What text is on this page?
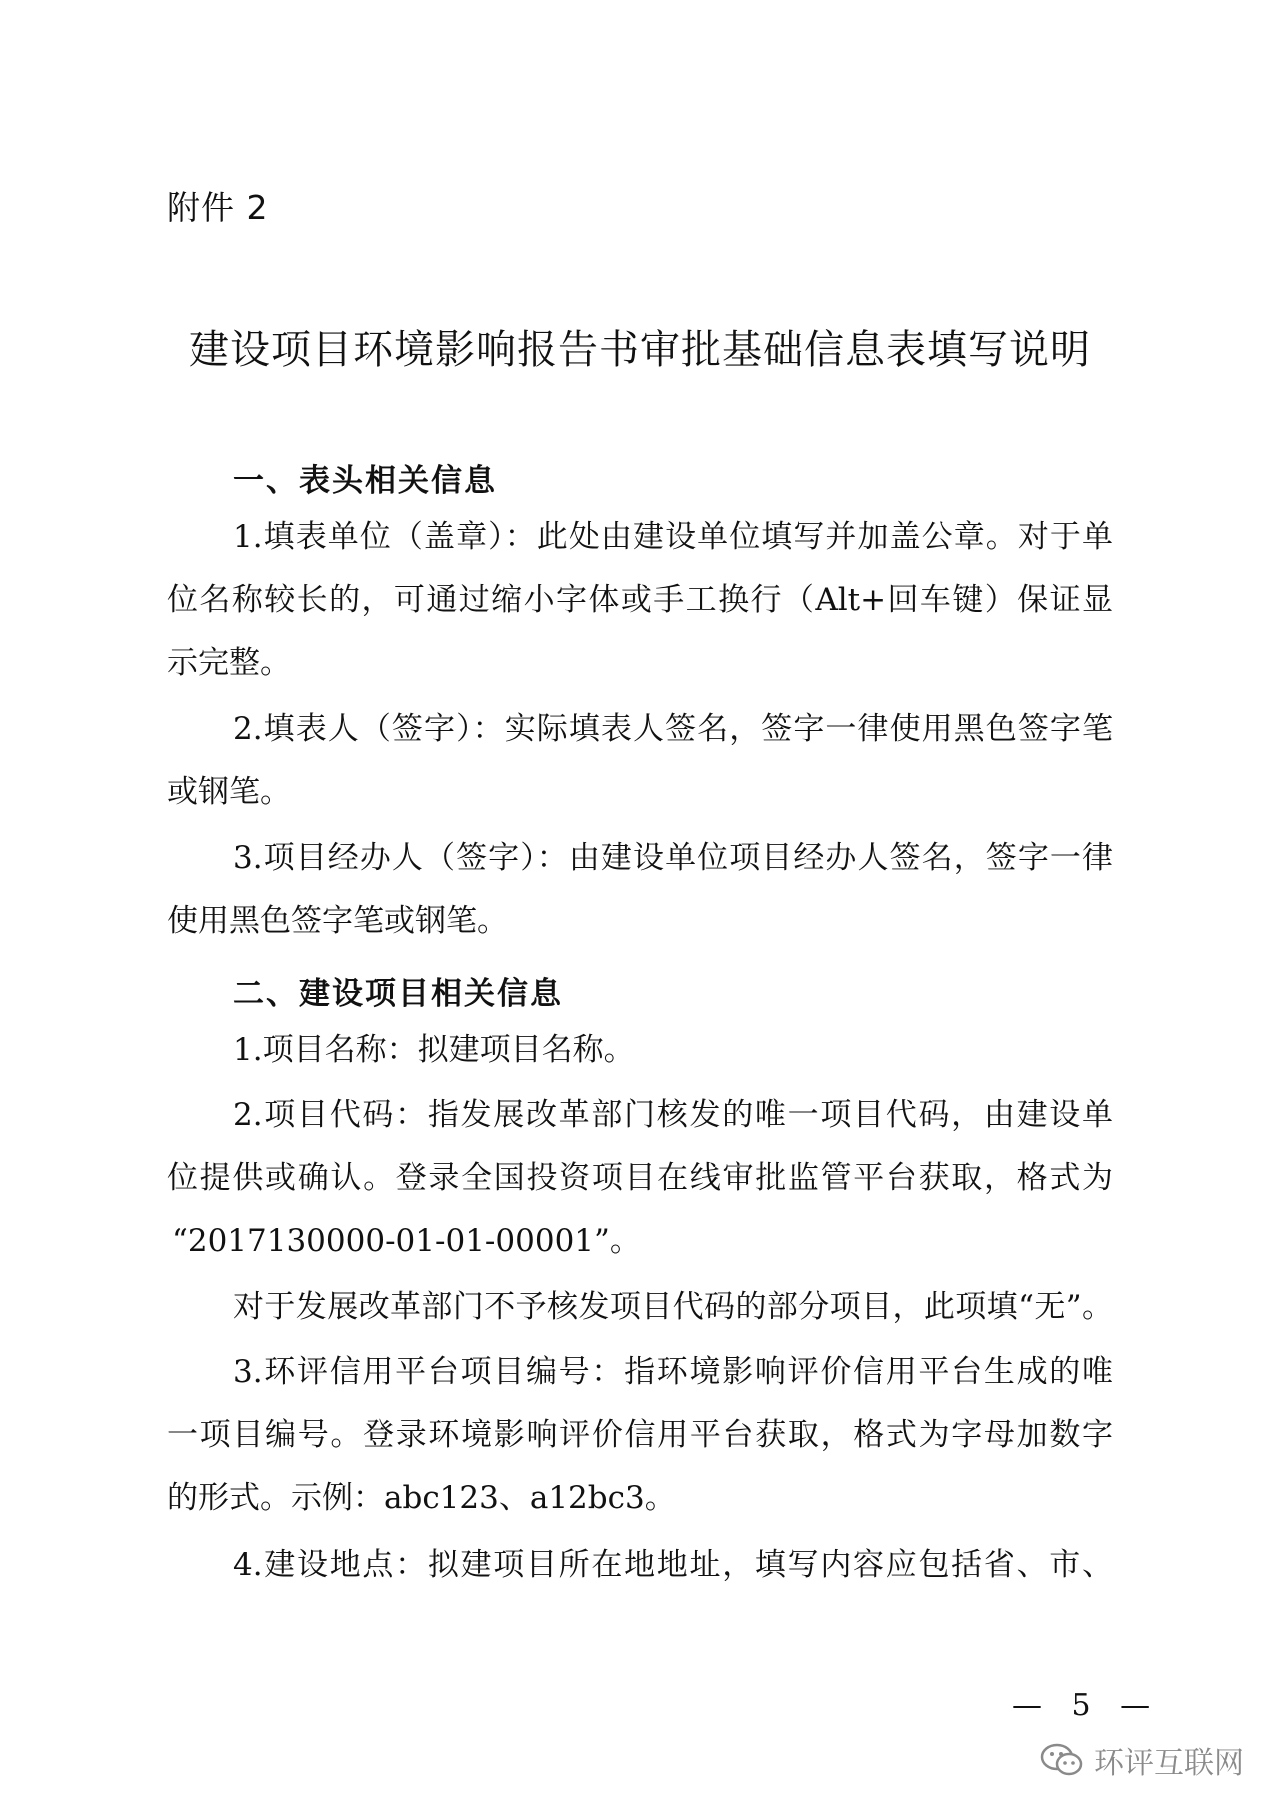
附件 2
建设项目环境影响报告书审批基础信息表填写说明
一、表头相关信息
1.填表单位（盖章）：此处由建设单位填写并加盖公章。对于单
位名称较长的，可通过缩小字体或手工换行（Alt+回车键）保证显
示完整。
2.填表人（签字）：实际填表人签名，签字一律使用黑色签字笔
或钢笔。
3.项目经办人（签字）：由建设单位项目经办人签名，签字一律
使用黑色签字笔或钢笔。
二、建设项目相关信息
1.项目名称：拟建项目名称。
2.项目代码：指发展改革部门核发的唯一项目代码，由建设单
位提供或确认。登录全国投资项目在线审批监管平台获取，格式为
“2017130000-01-01-00001”。
对于发展改革部门不予核发项目代码的部分项目，此项填“无”。
3.环评信用平台项目编号：指环境影响评价信用平台生成的唯
一项目编号。登录环境影响评价信用平台获取，格式为字母加数字
的形式。示例：abc123、a12bc3。
4.建设地点：拟建项目所在地地址，填写内容应包括省、市、
— 5 —
环评互联网
